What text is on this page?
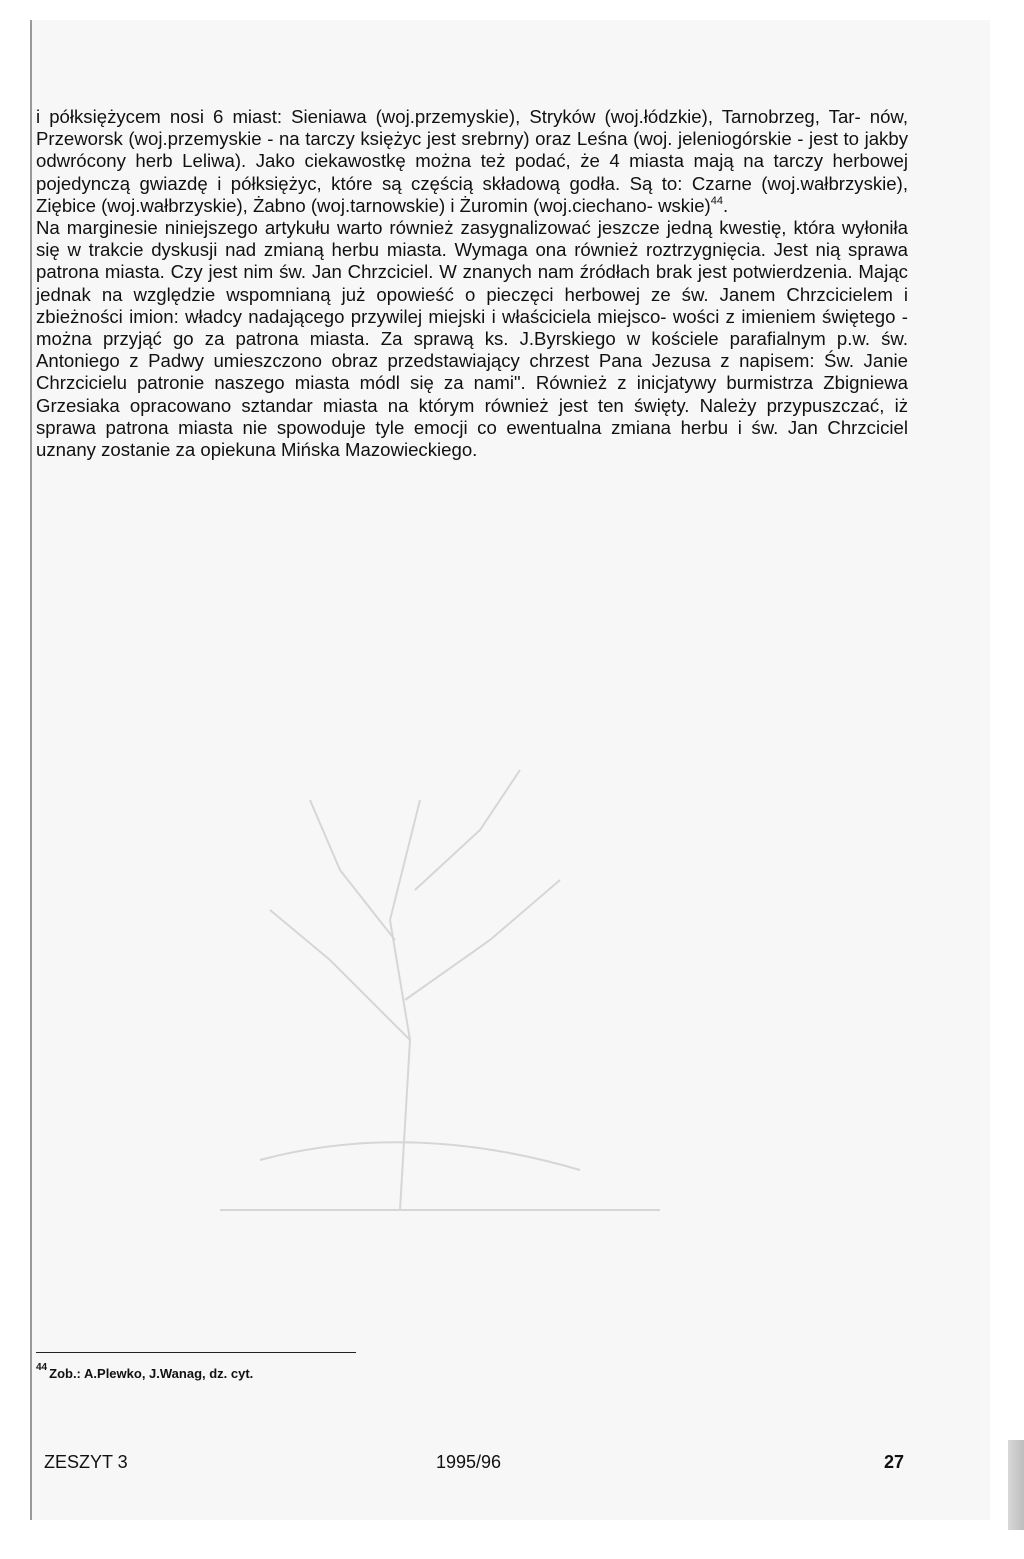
i półksiężycem nosi 6 miast: Sieniawa (woj.przemyskie), Stryków (woj.łódzkie), Tarnobrzeg, Tar- nów, Przeworsk (woj.przemyskie - na tarczy księżyc jest srebrny) oraz Leśna (woj. jeleniogórskie - jest to jakby odwrócony herb Leliwa). Jako ciekawostkę można też podać, że 4 miasta mają na tarczy herbowej pojedynczą gwiazdę i półksiężyc, które są częścią składową godła. Są to: Czarne (woj.wałbrzyskie), Ziębice (woj.wałbrzyskie), Żabno (woj.tarnowskie) i Żuromin (woj.ciechano- wskie)$^{44}$.

Na marginesie niniejszego artykułu warto również zasygnalizować jeszcze jedną kwestię, która wyłoniła się w trakcie dyskusji nad zmianą herbu miasta. Wymaga ona również roztrzygnięcia. Jest nią sprawa patrona miasta. Czy jest nim św. Jan Chrzciciel. W znanych nam źródłach brak jest potwierdzenia. Mając jednak na względzie wspomnianą już opowieść o pieczęci herbowej ze św. Janem Chrzcicielem i zbieżności imion: władcy nadającego przywilej miejski i właściciela miejsco- wości z imieniem świętego - można przyjąć go za patrona miasta. Za sprawą ks. J.Byrskiego w kościele parafialnym p.w. św. Antoniego z Padwy umieszczono obraz przedstawiający chrzest Pana Jezusa z napisem: Św. Janie Chrzcicielu patronie naszego miasta módl się za nami". Również z inicjatywy burmistrza Zbigniewa Grzesiaka opracowano sztandar miasta na którym również jest ten święty. Należy przypuszczać, iż sprawa patrona miasta nie spowoduje tyle emocji co ewentualna zmiana herbu i św. Jan Chrzciciel uznany zostanie za opiekuna Mińska Mazowieckiego.

$^{44}$ Zob.: A.Plewko, J.Wanag, dz. cyt.
ZESZYT 3	1995/96	27
